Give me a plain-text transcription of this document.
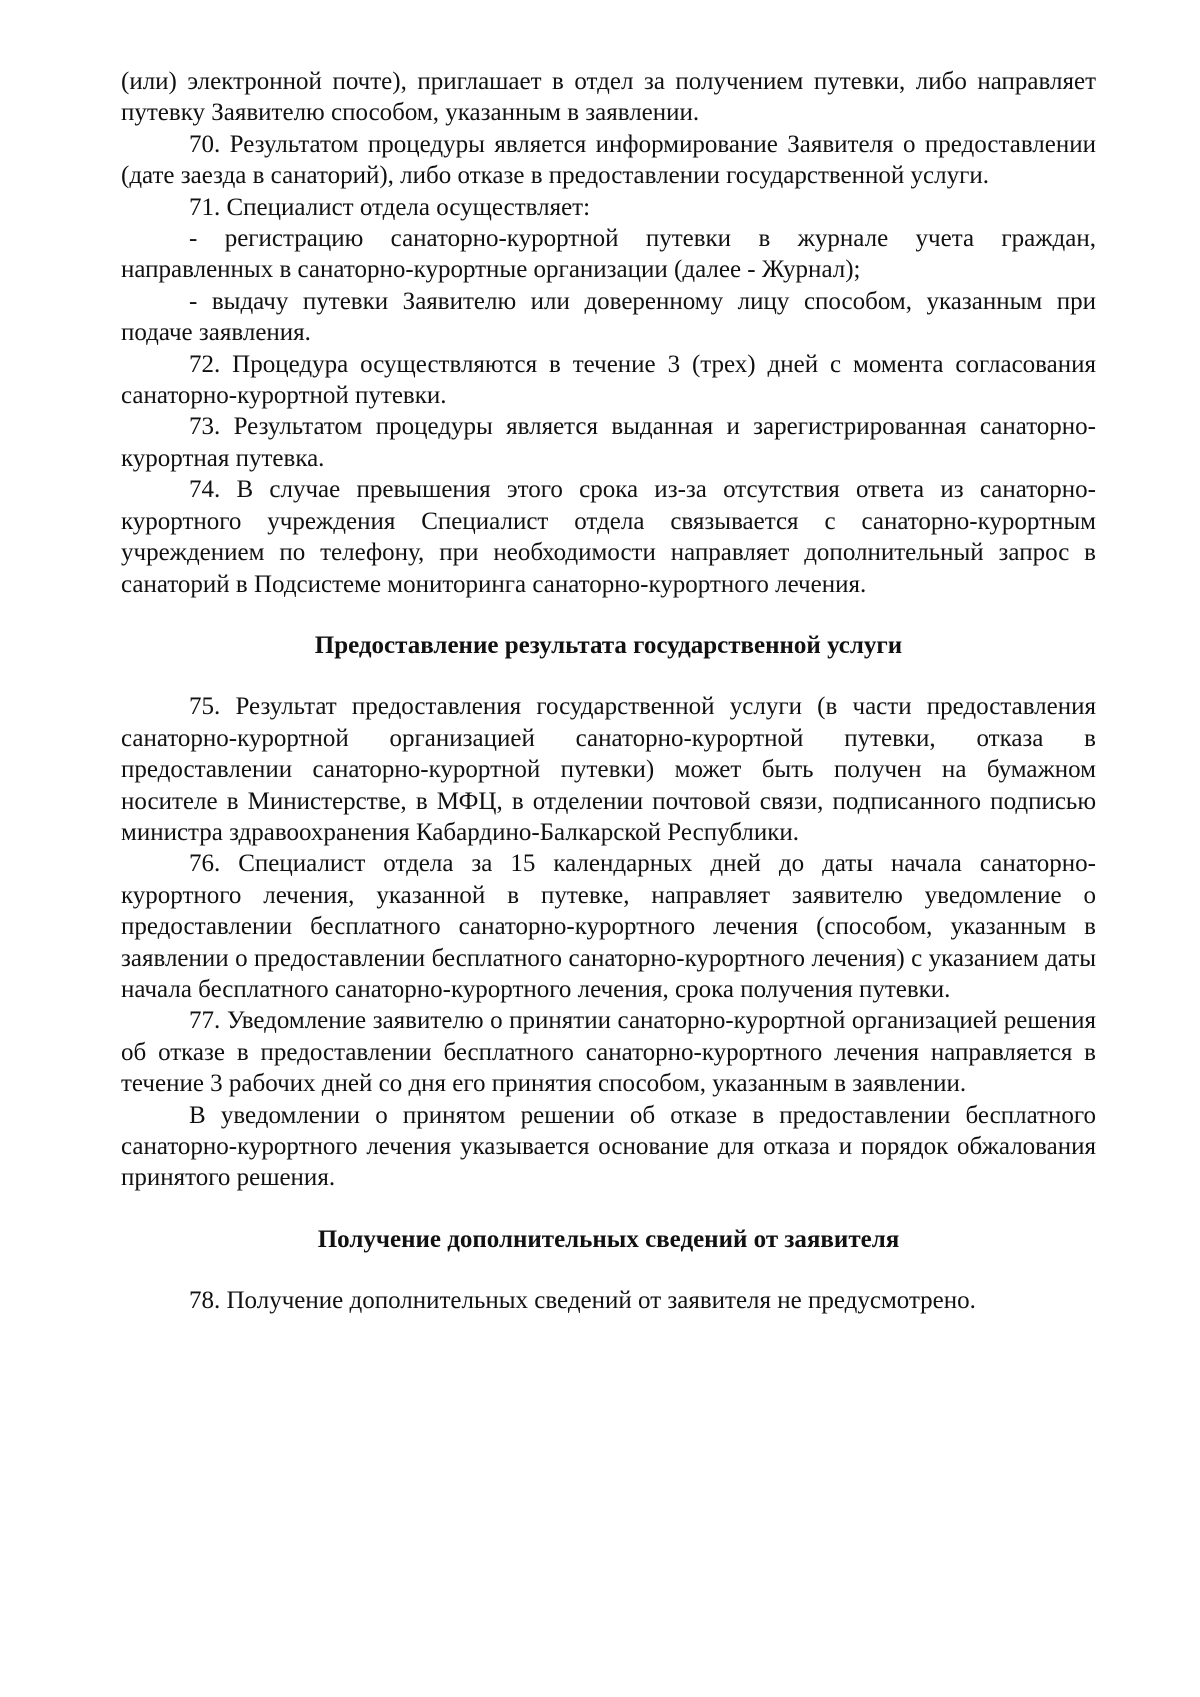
(или) электронной почте), приглашает в отдел за получением путевки, либо направляет путевку Заявителю способом, указанным в заявлении.

70. Результатом процедуры является информирование Заявителя о предоставлении (дате заезда в санаторий), либо отказе в предоставлении государственной услуги.

71. Специалист отдела осуществляет:

- регистрацию санаторно-курортной путевки в журнале учета граждан, направленных в санаторно-курортные организации (далее - Журнал);

- выдачу путевки Заявителю или доверенному лицу способом, указанным при подаче заявления.

72. Процедура осуществляются в течение 3 (трех) дней с момента согласования санаторно-курортной путевки.

73. Результатом процедуры является выданная и зарегистрированная санаторно-курортная путевка.

74. В случае превышения этого срока из-за отсутствия ответа из санаторно-курортного учреждения Специалист отдела связывается с санаторно-курортным учреждением по телефону, при необходимости направляет дополнительный запрос в санаторий в Подсистеме мониторинга санаторно-курортного лечения.

Предоставление результата государственной услуги

75. Результат предоставления государственной услуги (в части предоставления санаторно-курортной организацией санаторно-курортной путевки, отказа в предоставлении санаторно-курортной путевки) может быть получен на бумажном носителе в Министерстве, в МФЦ, в отделении почтовой связи, подписанного подписью министра здравоохранения Кабардино-Балкарской Республики.

76. Специалист отдела за 15 календарных дней до даты начала санаторно-курортного лечения, указанной в путевке, направляет заявителю уведомление о предоставлении бесплатного санаторно-курортного лечения (способом, указанным в заявлении о предоставлении бесплатного санаторно-курортного лечения) с указанием даты начала бесплатного санаторно-курортного лечения, срока получения путевки.

77. Уведомление заявителю о принятии санаторно-курортной организацией решения об отказе в предоставлении бесплатного санаторно-курортного лечения направляется в течение 3 рабочих дней со дня его принятия способом, указанным в заявлении.

В уведомлении о принятом решении об отказе в предоставлении бесплатного санаторно-курортного лечения указывается основание для отказа и порядок обжалования принятого решения.

Получение дополнительных сведений от заявителя

78. Получение дополнительных сведений от заявителя не предусмотрено.
